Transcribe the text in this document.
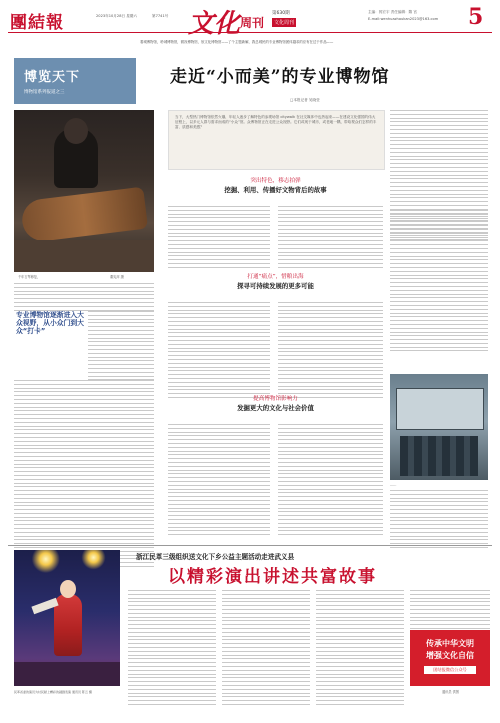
團結報	2023年10月28日 星期六	第7741号 文化 周刊
第630期
文化周刊
主编：郭宏宇 责任编辑：隋 宫
E-mail:wenhuazhoukan2023@163.com 5
看城博物馆，聆城博物馆，微视博物馆，欣文化博物馆——了个主题新解，我总城民的专业博物馆团体越求的应有在过于作品——
博览天下
博物馆系列报道之三
走近“小而美”的专业博物馆
□本报记者 吴晓莹
当下，大型热门博物馆依然火爆，年轻人逐步了解特色的参观场馆 citywalk 在社交媒体中也热起来——在建设文化强国的伟大征程上，以多元人群与需求而成的“小众”馆。众博物馆正在走进公众视野。它们或现于城市，或老地一隅，带给观众们怎样的丰富、质感和美感？
千年古琴修复，	董宪萍 摄
专业博物馆逐渐进入大众视野，从小众门到大众“打卡”
突出特色，移志拍弹
挖掘、利用、传播好文物背后的故事
打通“痛点”，惜粮出海
探寻可持续发展的更多可能
……
提高博物馆影响力
发掘更大的文化与社会价值
民革省委的演员为村民献上精彩的越剧表演 通讯员 陈云 摄
浙江民革三级组织送文化下乡公益主题活动走进武义县
以精彩演出讲述共富故事
传承中华文明
增强文化自信
团结报微信公众号
通讯员 供图
